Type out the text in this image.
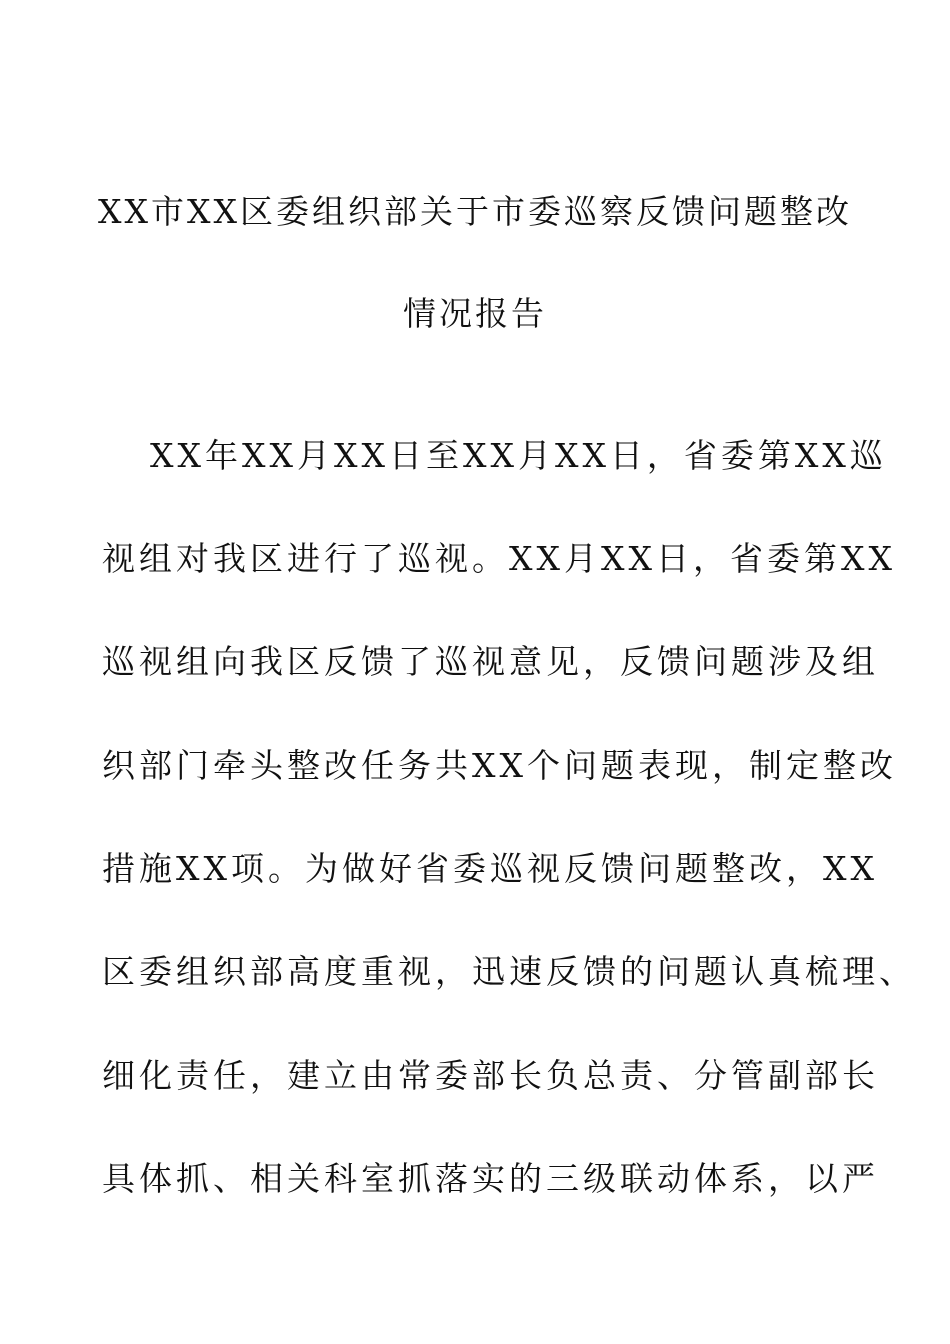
XX市XX区委组织部关于市委巡察反馈问题整改
情况报告
XX年XX月XX日至XX月XX日，省委第XX巡
视组对我区进行了巡视。XX月XX日，省委第XX
巡视组向我区反馈了巡视意见，反馈问题涉及组
织部门牵头整改任务共XX个问题表现，制定整改
措施XX项。为做好省委巡视反馈问题整改，XX
区委组织部高度重视，迅速反馈的问题认真梳理、
细化责任，建立由常委部长负总责、分管副部长
具体抓、相关科室抓落实的三级联动体系，以严
